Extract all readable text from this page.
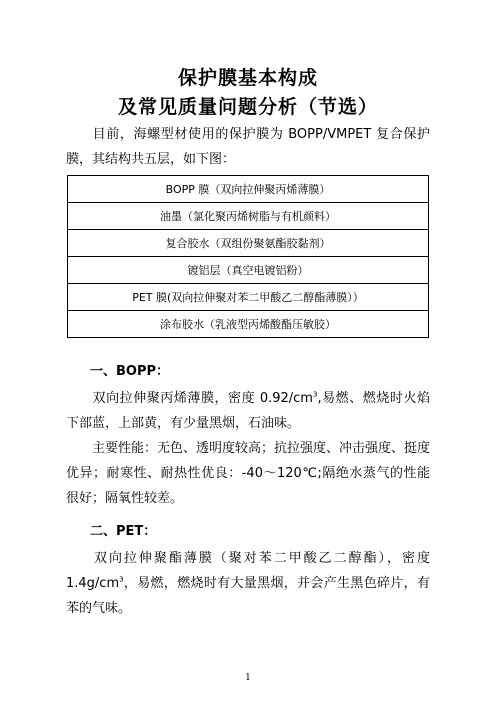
保护膜基本构成
及常见质量问题分析（节选）
目前，海螺型材使用的保护膜为 BOPP/VMPET 复合保护膜，其结构共五层，如下图：
BOPP 膜（双向拉伸聚丙烯薄膜）
油墨（氯化聚丙烯树脂与有机颜料）
复合胶水（双组份聚氨酯胶黏剂）
镀铝层（真空电镀铝粉）
PET 膜(双向拉伸聚对苯二甲酸乙二醇酯薄膜））
涂布胶水（乳液型丙烯酸酯压敏胶）
一、BOPP：
双向拉伸聚丙烯薄膜，密度 $0.92/cm^3$,易燃、燃烧时火焰下部蓝，上部黄，有少量黑烟，石油味。
主要性能：无色、透明度较高；抗拉强度、冲击强度、挺度优异；耐寒性、耐热性优良：-40～120℃;隔绝水蒸气的性能很好；隔氧性较差。
二、PET：
双向拉伸聚酯薄膜（聚对苯二甲酸乙二醇酯），密度 $1.4g/cm^3$，易燃，燃烧时有大量黑烟，并会产生黑色碎片，有苯的气味。
1
